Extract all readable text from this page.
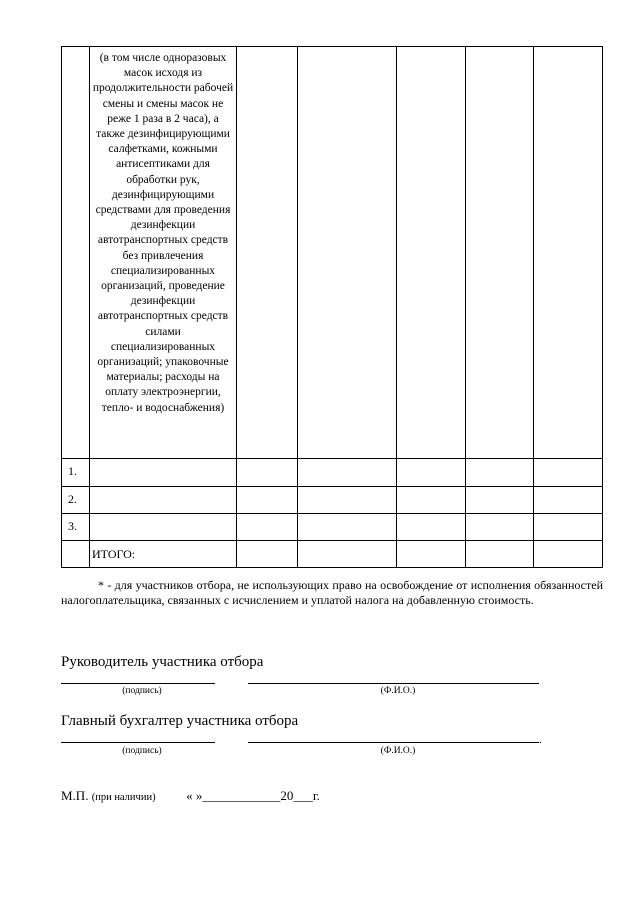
	(в том числе одноразовых масок исходя из продолжительности рабочей смены и смены масок не реже 1 раза в 2 часа), а также дезинфицирующими салфетками, кожными антисептиками для обработки рук, дезинфицирующими средствами для проведения дезинфекции автотранспортных средств без привлечения специализированных организаций, проведение дезинфекции автотранспортных средств силами специализированных организаций; упаковочные материалы; расходы на оплату электроэнергии, тепло- и водоснабжения)					
1.						
2.						
3.						
	ИТОГО:					
* - для участников отбора, не использующих право на освобождение от исполнения обязанностей налогоплательщика, связанных с исчислением и уплатой налога на добавленную стоимость.
Руководитель участника отбора
(подпись)	(Ф.И.О.)
Главный бухгалтер участника отбора
.
(подпись)	(Ф.И.О.)
М.П. (при наличии) « »____________20___г.
